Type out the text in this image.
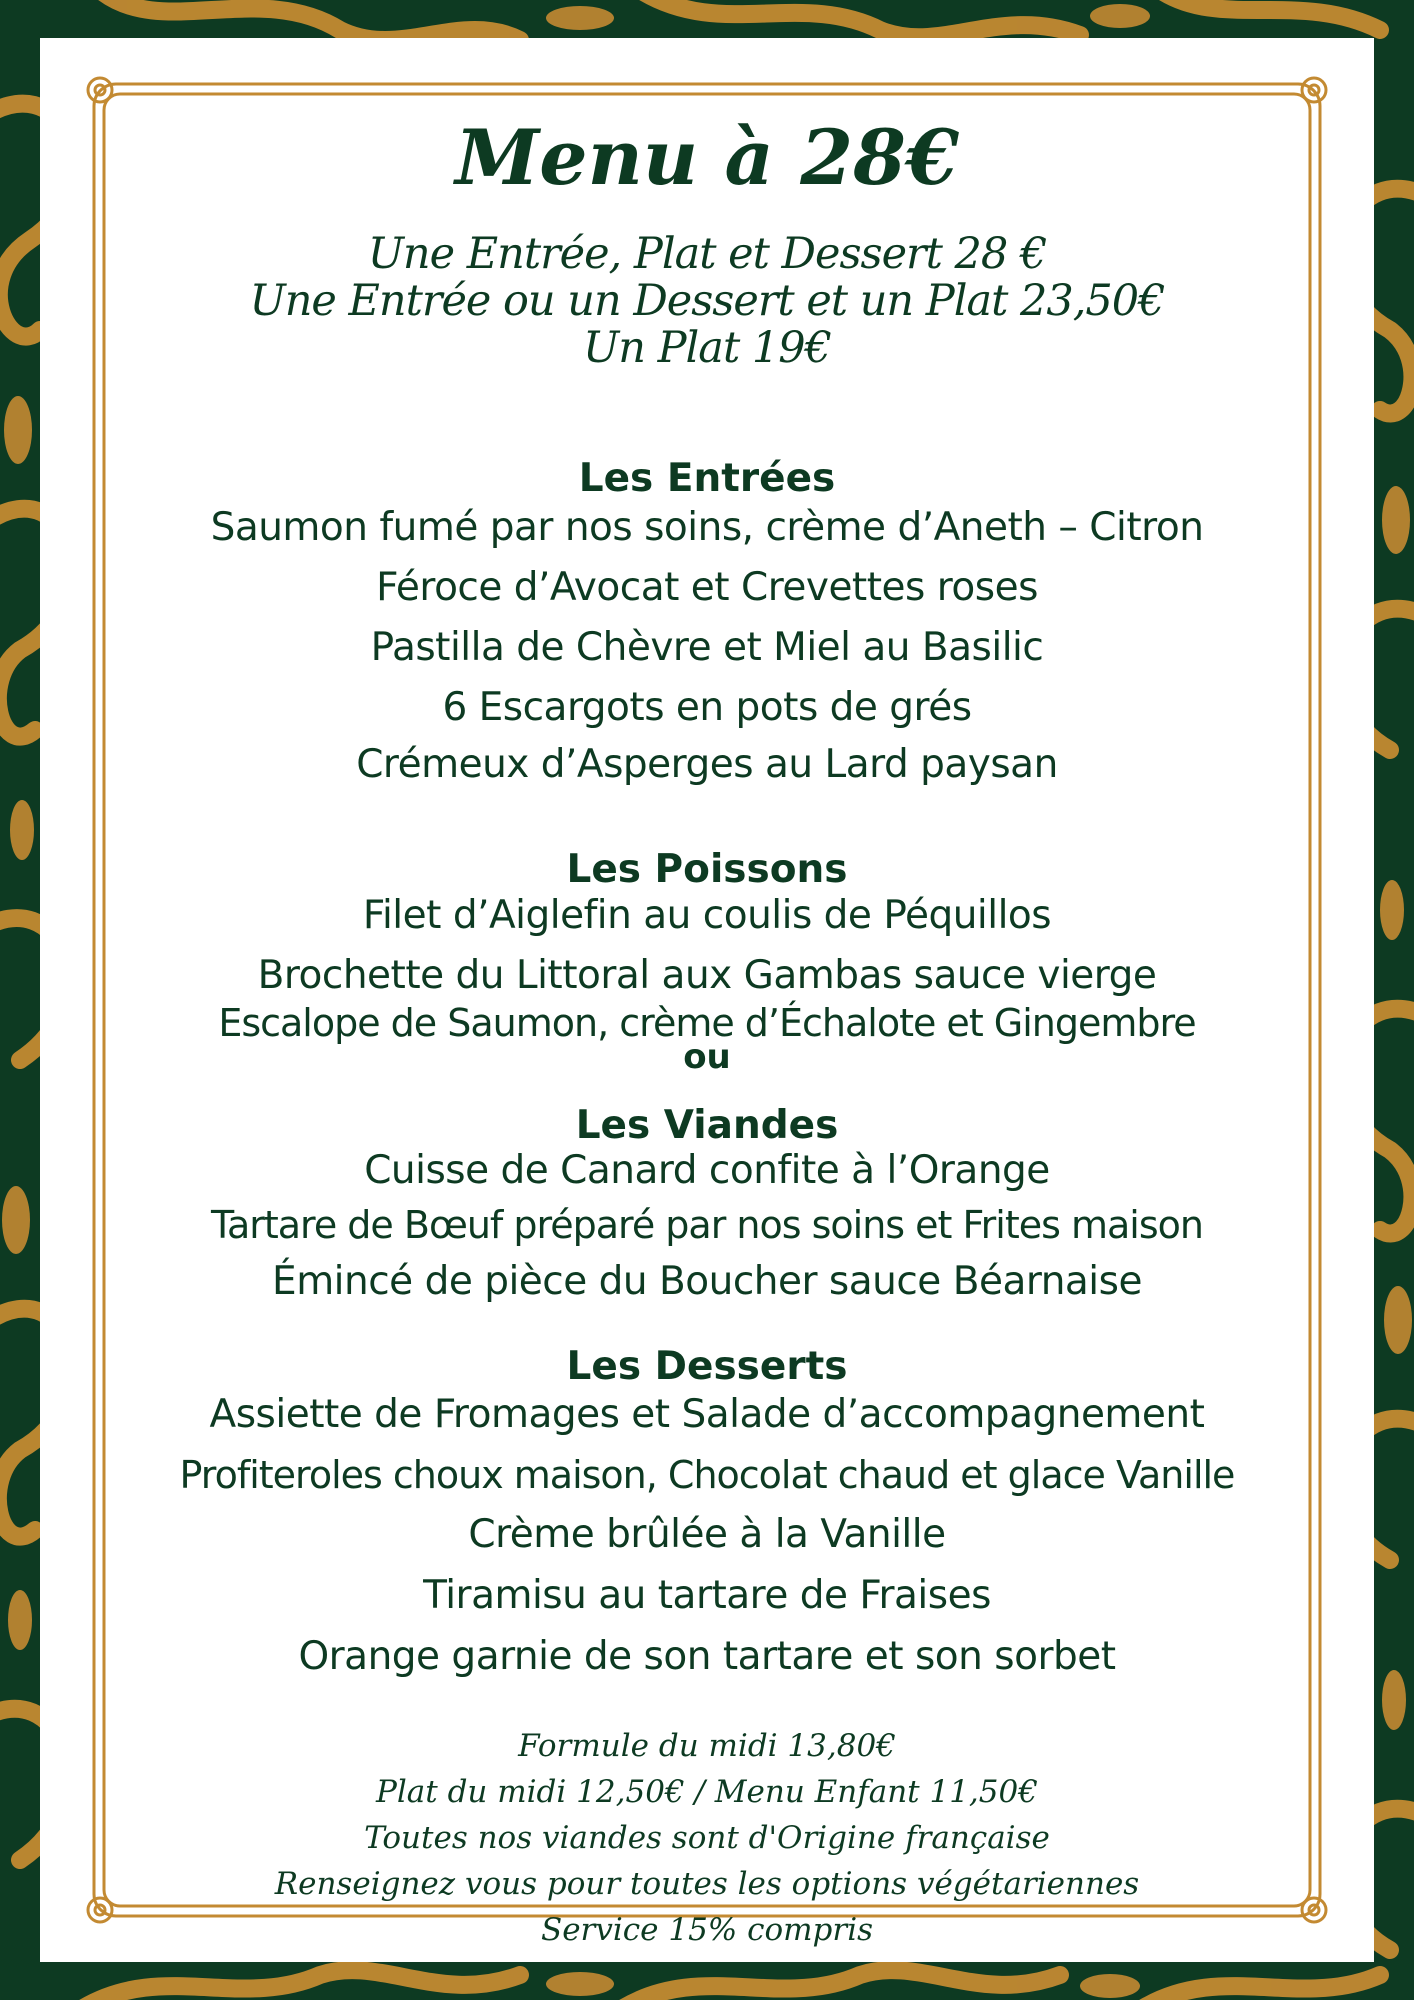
Menu à 28€
Une Entrée, Plat et Dessert 28 €
Une Entrée ou un Dessert et un Plat 23,50€
Un Plat 19€
Les Entrées
Saumon fumé par nos soins, crème d’Aneth – Citron
Féroce d’Avocat et Crevettes roses
Pastilla de Chèvre et Miel au Basilic
6 Escargots en pots de grés
Crémeux d’Asperges au Lard paysan
Les Poissons
Filet d’Aiglefin au coulis de Péquillos
Brochette du Littoral aux Gambas sauce vierge
Escalope de Saumon, crème d’Échalote et Gingembre
ou
Les Viandes
Cuisse de Canard confite à l’Orange
Tartare de Bœuf préparé par nos soins et Frites maison
Émincé de pièce du Boucher sauce Béarnaise
Les Desserts
Assiette de Fromages et Salade d’accompagnement
Profiteroles choux maison, Chocolat chaud et glace Vanille
Crème brûlée à la Vanille
Tiramisu au tartare de Fraises
Orange garnie de son tartare et son sorbet
Formule du midi 13,80€
Plat du midi 12,50€ / Menu Enfant 11,50€
Toutes nos viandes sont d'Origine française
Renseignez vous pour toutes les options végétariennes
Service 15% compris
